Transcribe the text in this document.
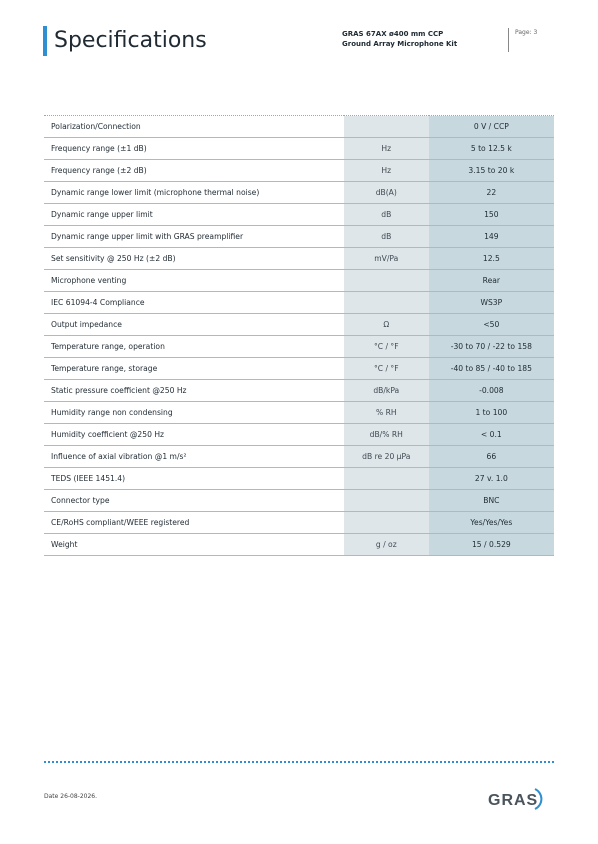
Specifications	GRAS 67AX ø400 mm CCP
Ground Array Microphone Kit
Page: 3
Polarization/Connection		0 V / CCP
Frequency range (±1 dB)	Hz	5 to 12.5 k
Frequency range (±2 dB)	Hz	3.15 to 20 k
Dynamic range lower limit (microphone thermal noise)	dB(A)	22
Dynamic range upper limit	dB	150
Dynamic range upper limit with GRAS preamplifier	dB	149
Set sensitivity @ 250 Hz (±2 dB)	mV/Pa	12.5
Microphone venting		Rear
IEC 61094-4 Compliance		WS3P
Output impedance	Ω	<50
Temperature range, operation	°C / °F	-30 to 70 / -22 to 158
Temperature range, storage	°C / °F	-40 to 85 / -40 to 185
Static pressure coefficient @250 Hz	dB/kPa	-0.008
Humidity range non condensing	% RH	1 to 100
Humidity coefficient @250 Hz	dB/% RH	< 0.1
Influence of axial vibration @1 m/s²	dB re 20 µPa	66
TEDS (IEEE 1451.4)		27 v. 1.0
Connector type		BNC
CE/RoHS compliant/WEEE registered		Yes/Yes/Yes
Weight	g / oz	15 / 0.529
Date 26-08-2026.	GRAS
